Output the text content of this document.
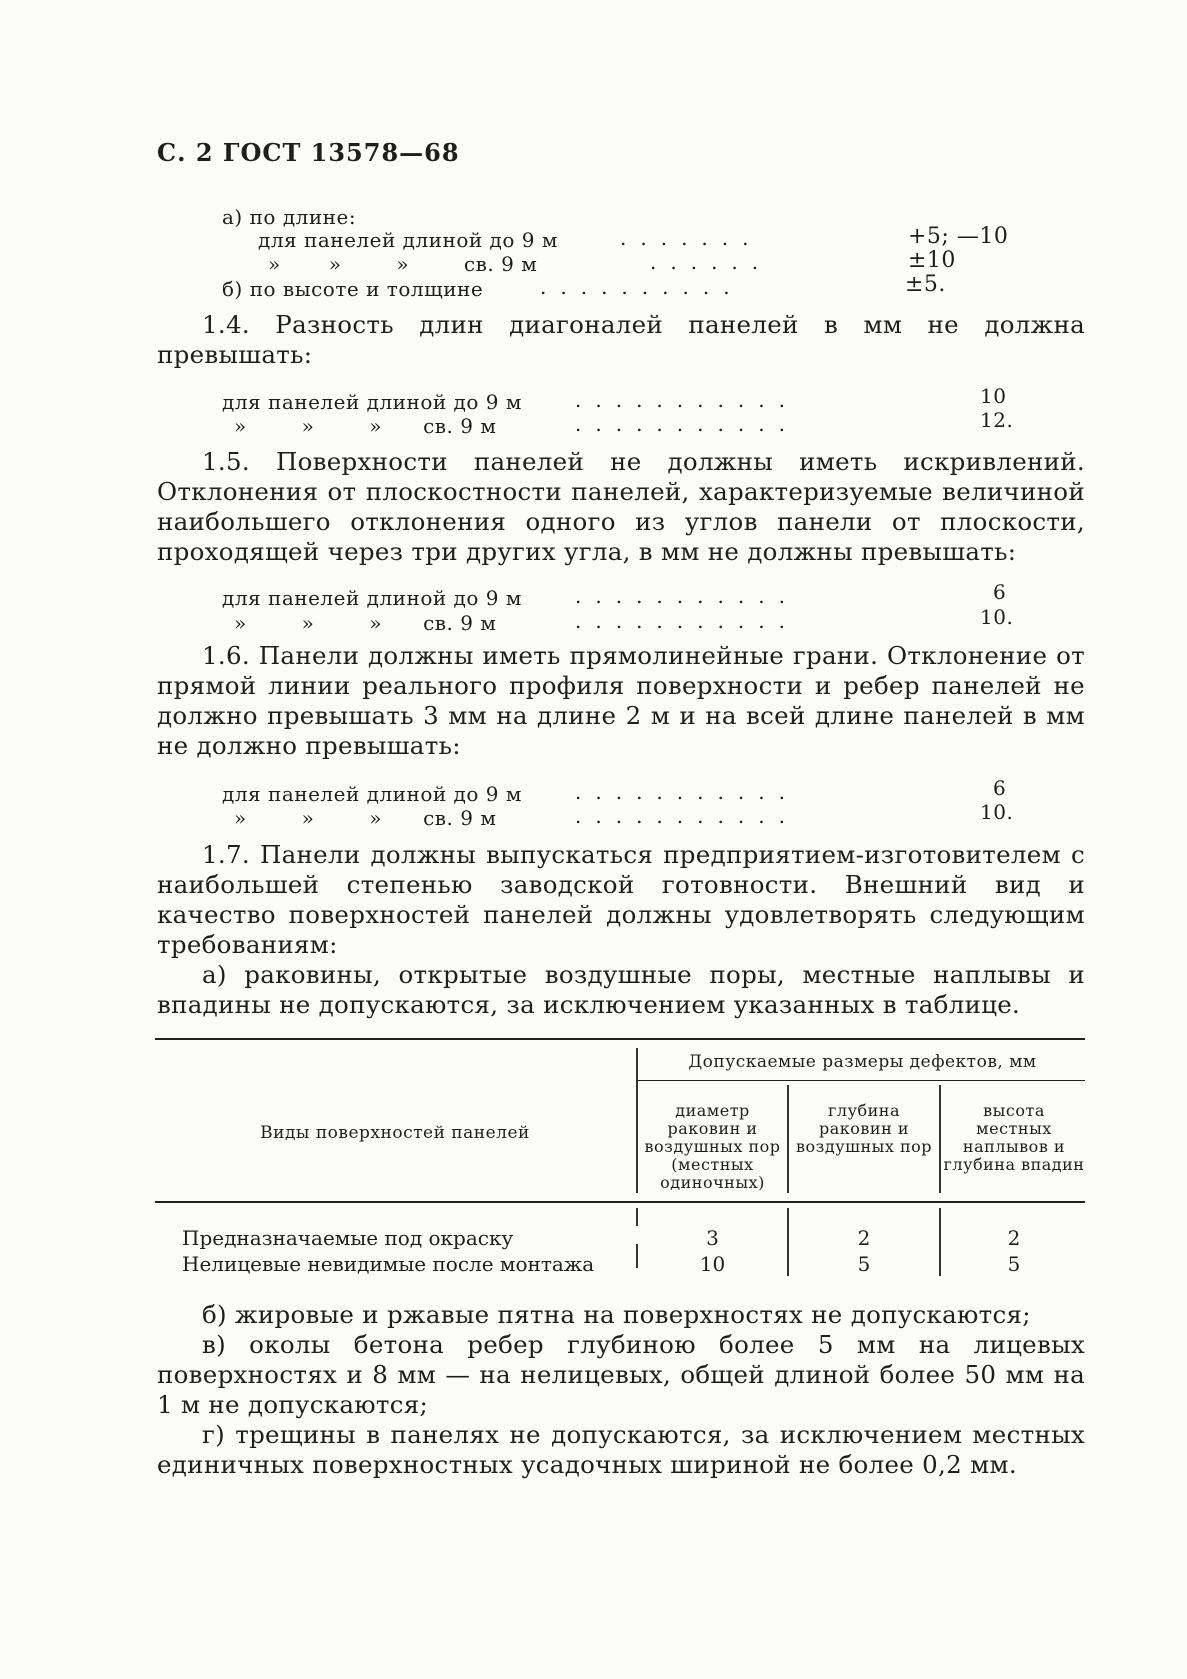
С. 2 ГОСТ 13578—68
а) по длине:
для панелей длиной до 9 м	.......	+5; —10
»       »        »        св. 9 м	......	±10
б) по высоте и толщине	..........	±5.
1.4. Разность длин диагоналей панелей в мм не должна превышать:
для панелей длиной до 9 м	...........	10
»        »        »      св. 9 м	...........	12.
1.5. Поверхности панелей не должны иметь искривлений. Отклонения от плоскостности панелей, характеризуемые величиной наибольшего отклонения одного из углов панели от плоскости, проходящей через три других угла, в мм не должны превышать:
для панелей длиной до 9 м	...........	6
»        »        »      св. 9 м	...........	10.
1.6. Панели должны иметь прямолинейные грани. Отклонение от прямой линии реального профиля поверхности и ребер панелей не должно превышать 3 мм на длине 2 м и на всей длине панелей в мм не должно превышать:
для панелей длиной до 9 м	...........	6
»        »        »      св. 9 м	...........	10.
1.7. Панели должны выпускаться предприятием-изготовителем с наибольшей степенью заводской готовности. Внешний вид и качество поверхностей панелей должны удовлетворять следующим требованиям:
а) раковины, открытые воздушные поры, местные наплывы и впадины не допускаются, за исключением указанных в таблице.
Виды поверхностей панелей
Допускаемые размеры дефектов, мм
диаметр раковин и воздушных пор (местных одиночных)
глубина раковин и воздушных пор
высота местных наплывов и глубина впадин
Предназначаемые под окраску	3	2	2
Нелицевые невидимые после монтажа	10	5	5
б) жировые и ржавые пятна на поверхностях не допускаются;
в) околы бетона ребер глубиною более 5 мм на лицевых поверхностях и 8 мм — на нелицевых, общей длиной более 50 мм на 1 м не допускаются;
г) трещины в панелях не допускаются, за исключением местных единичных поверхностных усадочных шириной не более 0,2 мм.
